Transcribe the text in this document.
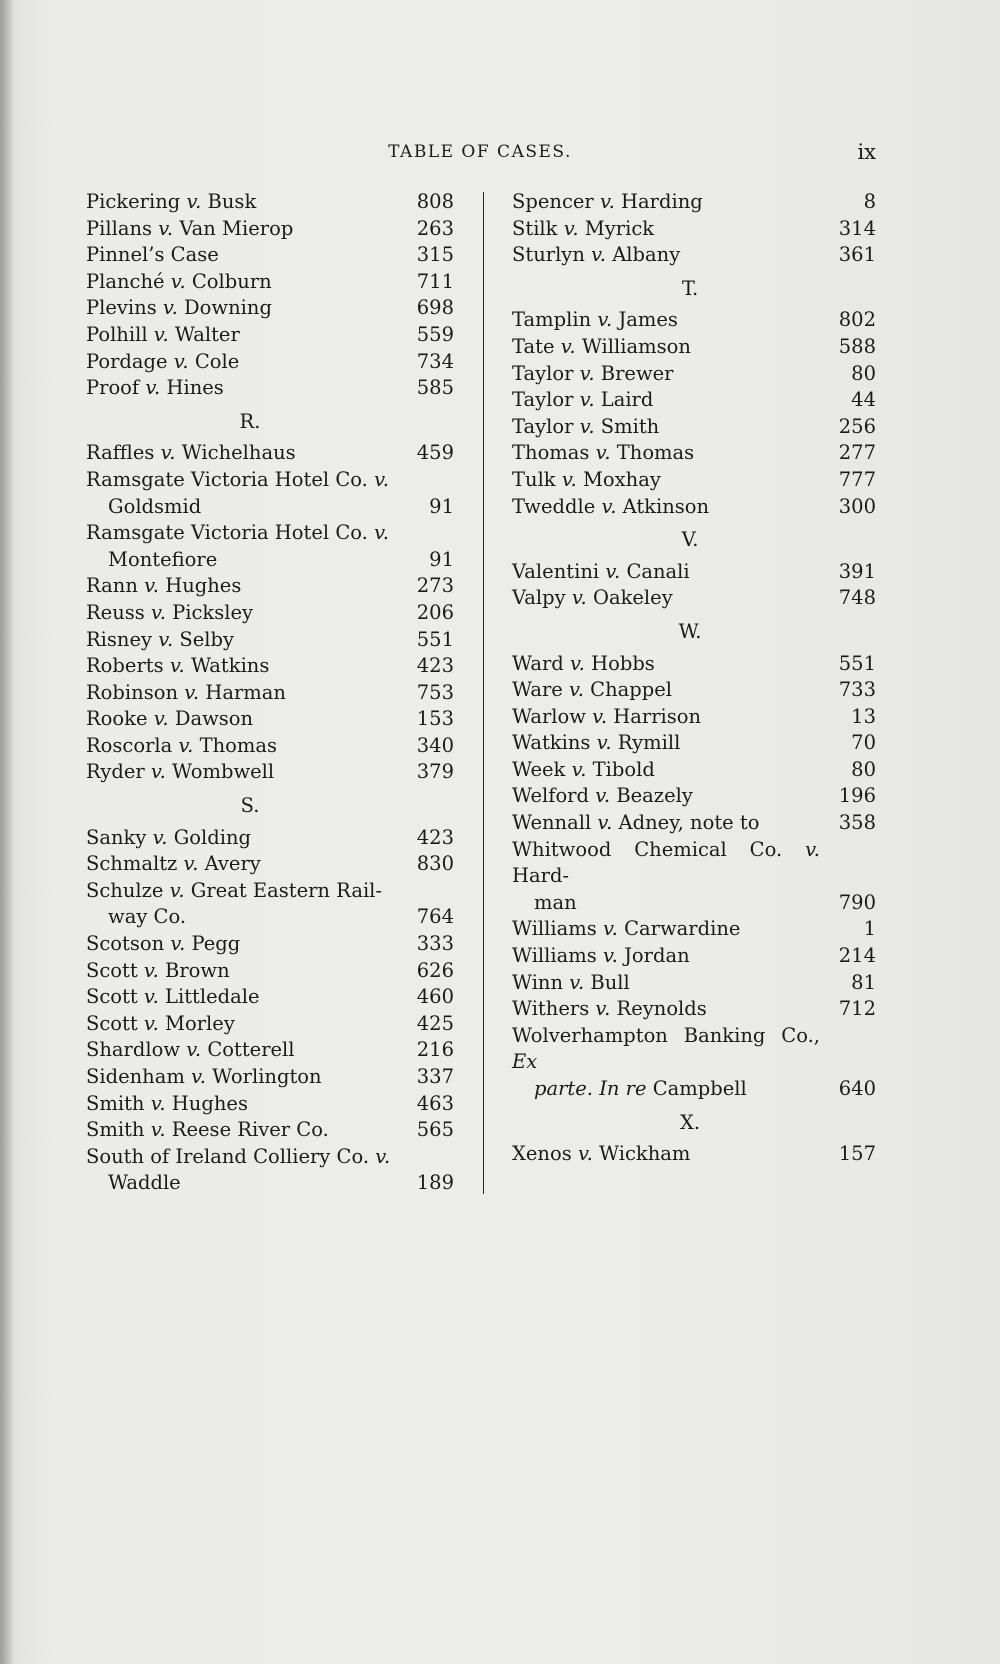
TABLE OF CASES.	ix
Pickering v. Busk	808
Pillans v. Van Mierop	263
Pinnel’s Case	315
Planché v. Colburn	711
Plevins v. Downing	698
Polhill v. Walter	559
Pordage v. Cole	734
Proof v. Hines	585
R.
Raffles v. Wichelhaus	459
Ramsgate Victoria Hotel Co. v.
Goldsmid	91
Ramsgate Victoria Hotel Co. v.
Montefiore	91
Rann v. Hughes	273
Reuss v. Picksley	206
Risney v. Selby	551
Roberts v. Watkins	423
Robinson v. Harman	753
Rooke v. Dawson	153
Roscorla v. Thomas	340
Ryder v. Wombwell	379
S.
Sanky v. Golding	423
Schmaltz v. Avery	830
Schulze v. Great Eastern Rail-
way Co.	764
Scotson v. Pegg	333
Scott v. Brown	626
Scott v. Littledale	460
Scott v. Morley	425
Shardlow v. Cotterell	216
Sidenham v. Worlington	337
Smith v. Hughes	463
Smith v. Reese River Co.	565
South of Ireland Colliery Co. v.
Waddle	189
Spencer v. Harding	8
Stilk v. Myrick	314
Sturlyn v. Albany	361
T.
Tamplin v. James	802
Tate v. Williamson	588
Taylor v. Brewer	80
Taylor v. Laird	44
Taylor v. Smith	256
Thomas v. Thomas	277
Tulk v. Moxhay	777
Tweddle v. Atkinson	300
V.
Valentini v. Canali	391
Valpy v. Oakeley	748
W.
Ward v. Hobbs	551
Ware v. Chappel	733
Warlow v. Harrison	13
Watkins v. Rymill	70
Week v. Tibold	80
Welford v. Beazely	196
Wennall v. Adney, note to	358
Whitwood Chemical Co. v. Hard-
man	790
Williams v. Carwardine	1
Williams v. Jordan	214
Winn v. Bull	81
Withers v. Reynolds	712
Wolverhampton Banking Co., Ex
parte. In re Campbell	640
X.
Xenos v. Wickham	157
